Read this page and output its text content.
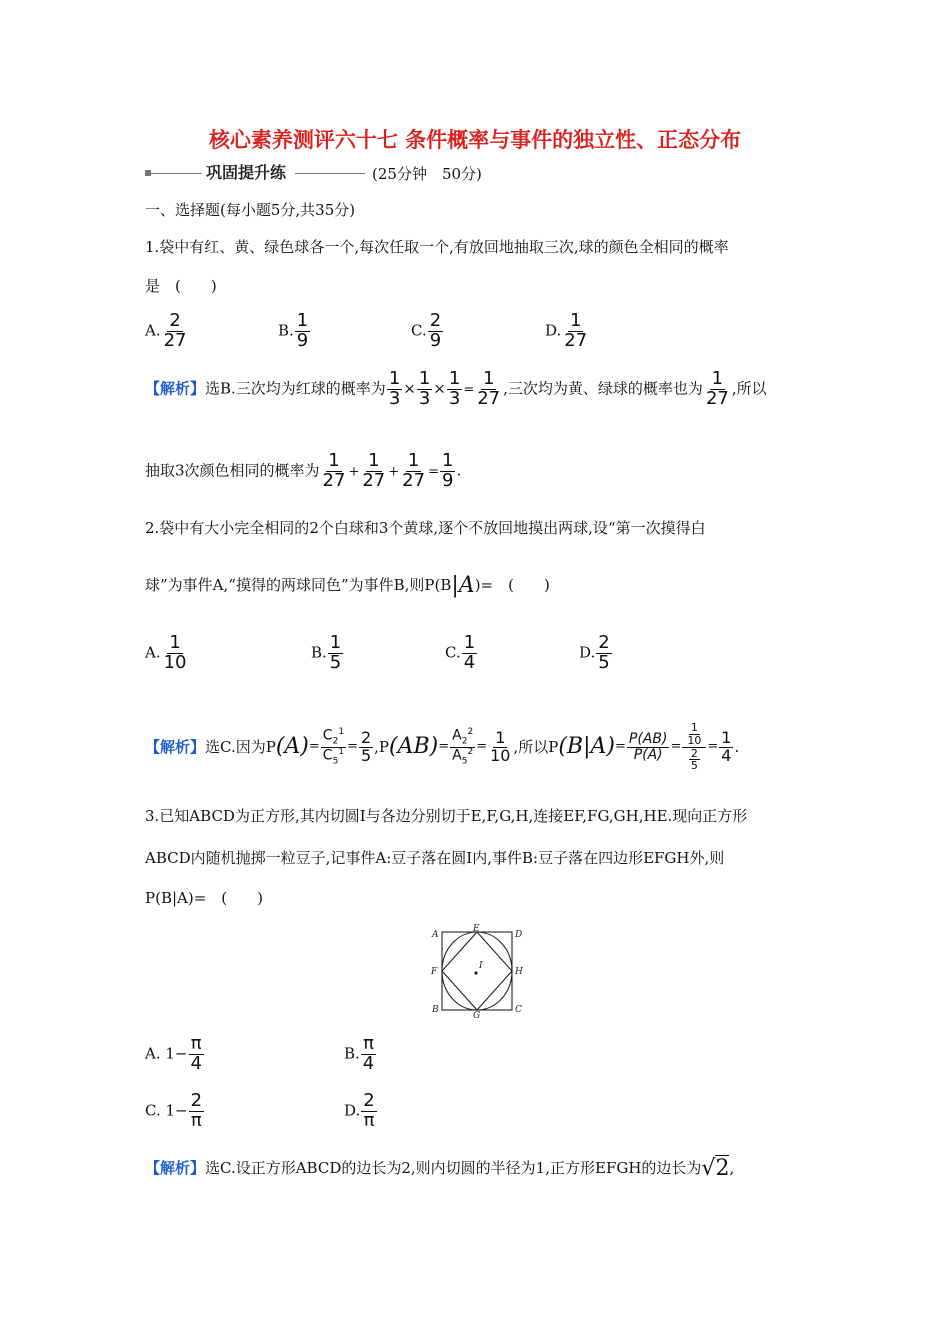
核心素养测评六十七 条件概率与事件的独立性、正态分布
巩固提升练	(25分钟　50分)
一、选择题(每小题5分,共35分)
1.袋中有红、黄、绿色球各一个,每次任取一个,有放回地抽取三次,球的颜色全相同的概率
是　(　　)
A. $\frac{2}{27}$	B. $\frac{1}{9}$	C. $\frac{2}{9}$	D. $\frac{1}{27}$
【解析】选B.三次均为红球的概率为 $\frac{1}{3} \times \frac{1}{3} \times \frac{1}{3} = \frac{1}{27}$ ,三次均为黄、绿球的概率也为 $\frac{1}{27}$ ,所以
抽取3次颜色相同的概率为 $\frac{1}{27} + \frac{1}{27} + \frac{1}{27} = \frac{1}{9}$ .
2.袋中有大小完全相同的2个白球和3个黄球,逐个不放回地摸出两球,设“第一次摸得白
球”为事件A,“摸得的两球同色”为事件B,则P(B|A)=　(　　)
A. $\frac{1}{10}$	B. $\frac{1}{5}$	C. $\frac{1}{4}$	D. $\frac{2}{5}$
【解析】 选C.因为P $(A) = \frac{C_2^1}{C_5^1} = \frac{2}{5}$ , P $(AB) = \frac{A_2^2}{A_5^2} = \frac{1}{10}$ , 所以P $(B|A) = \frac{P(AB)}{P(A)} = \frac{\frac{1}{10}}{\frac{2}{5}} = \frac{1}{4}$ .
3.已知ABCD为正方形,其内切圆I与各边分别切于E,F,G,H,连接EF,FG,GH,HE.现向正方形
ABCD内随机抛掷一粒豆子,记事件A:豆子落在圆I内,事件B:豆子落在四边形EFGH外,则
P(B|A)=　(　　)
A
E
D
F
I
H
B
G
C
A. $1- \frac{\pi}{4}$	B. $\frac{\pi}{4}$
C. $1- \frac{2}{\pi}$	D. $\frac{2}{\pi}$
【解析】选C.设正方形ABCD的边长为2,则内切圆的半径为1,正方形EFGH的边长为√2,
